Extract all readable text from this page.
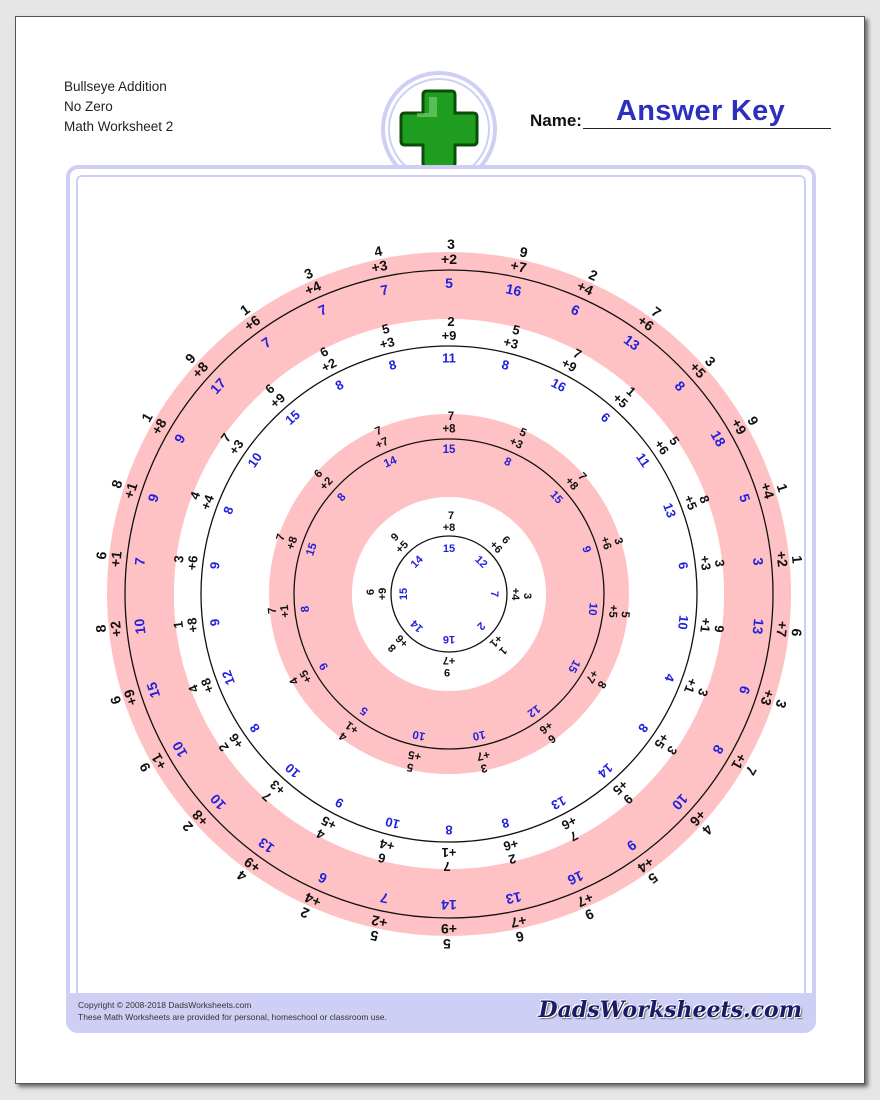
Bullseye Addition
No Zero
Math Worksheet 2	Name: Answer Key
15
7
+8
12
6
+6
7 3
+4
2
1
+1
16
9
+7
14
8
+6
15
6 +9
14
9
+5
15
7
+8
8
5
+3
15
7
+8
9
3
+6
10 5
+5
15
8
+7
12
6
+6
10
3
+7
10
5
+5
5
4
+1
9
4
+5
8
7 +1
15
7
+8
8
6
+2
14
7
+7
11
2
+9
8
5
+3
16
7
+9
6
1
+5
11
5
+6
13
8
+5
6 3
+3
10 9
+1
4
3
+1
8
3
+5
14
9
+5
13
7
+6
8
2
+6
8
7
+1
10
6
+4
9
4
+5
10
7
+3
8
2
+6
12
4
+8
9
1
+8
9
3
+6
8
4
+4
10
7
+3
15
6
+9
8
6
+2	8
5
+3
5
3
+2
16
9
+7
6
2
+4
13
7
+6
8
3
+5
18
9
+9
5
1
+4
3 1
+2
13 6
+7
6
3
+3
8
7
+1
10
4
+6
9
5
+4
16
9
+7
13
6
+7
14
5
+9
7
5
+2
6
2
+4
13
4
+9
10
2
+8
10
9
+1
15
6
+9
10
8
+2
7
6
+1
9
8
+1
9
1
+8
17
9
+8
7
1
+6
7
3
+4	7
4
+3
Copyright © 2008-2018 DadsWorksheets.com
These Math Worksheets are provided for personal, homeschool or classroom use.	DadsWorksheets.com
